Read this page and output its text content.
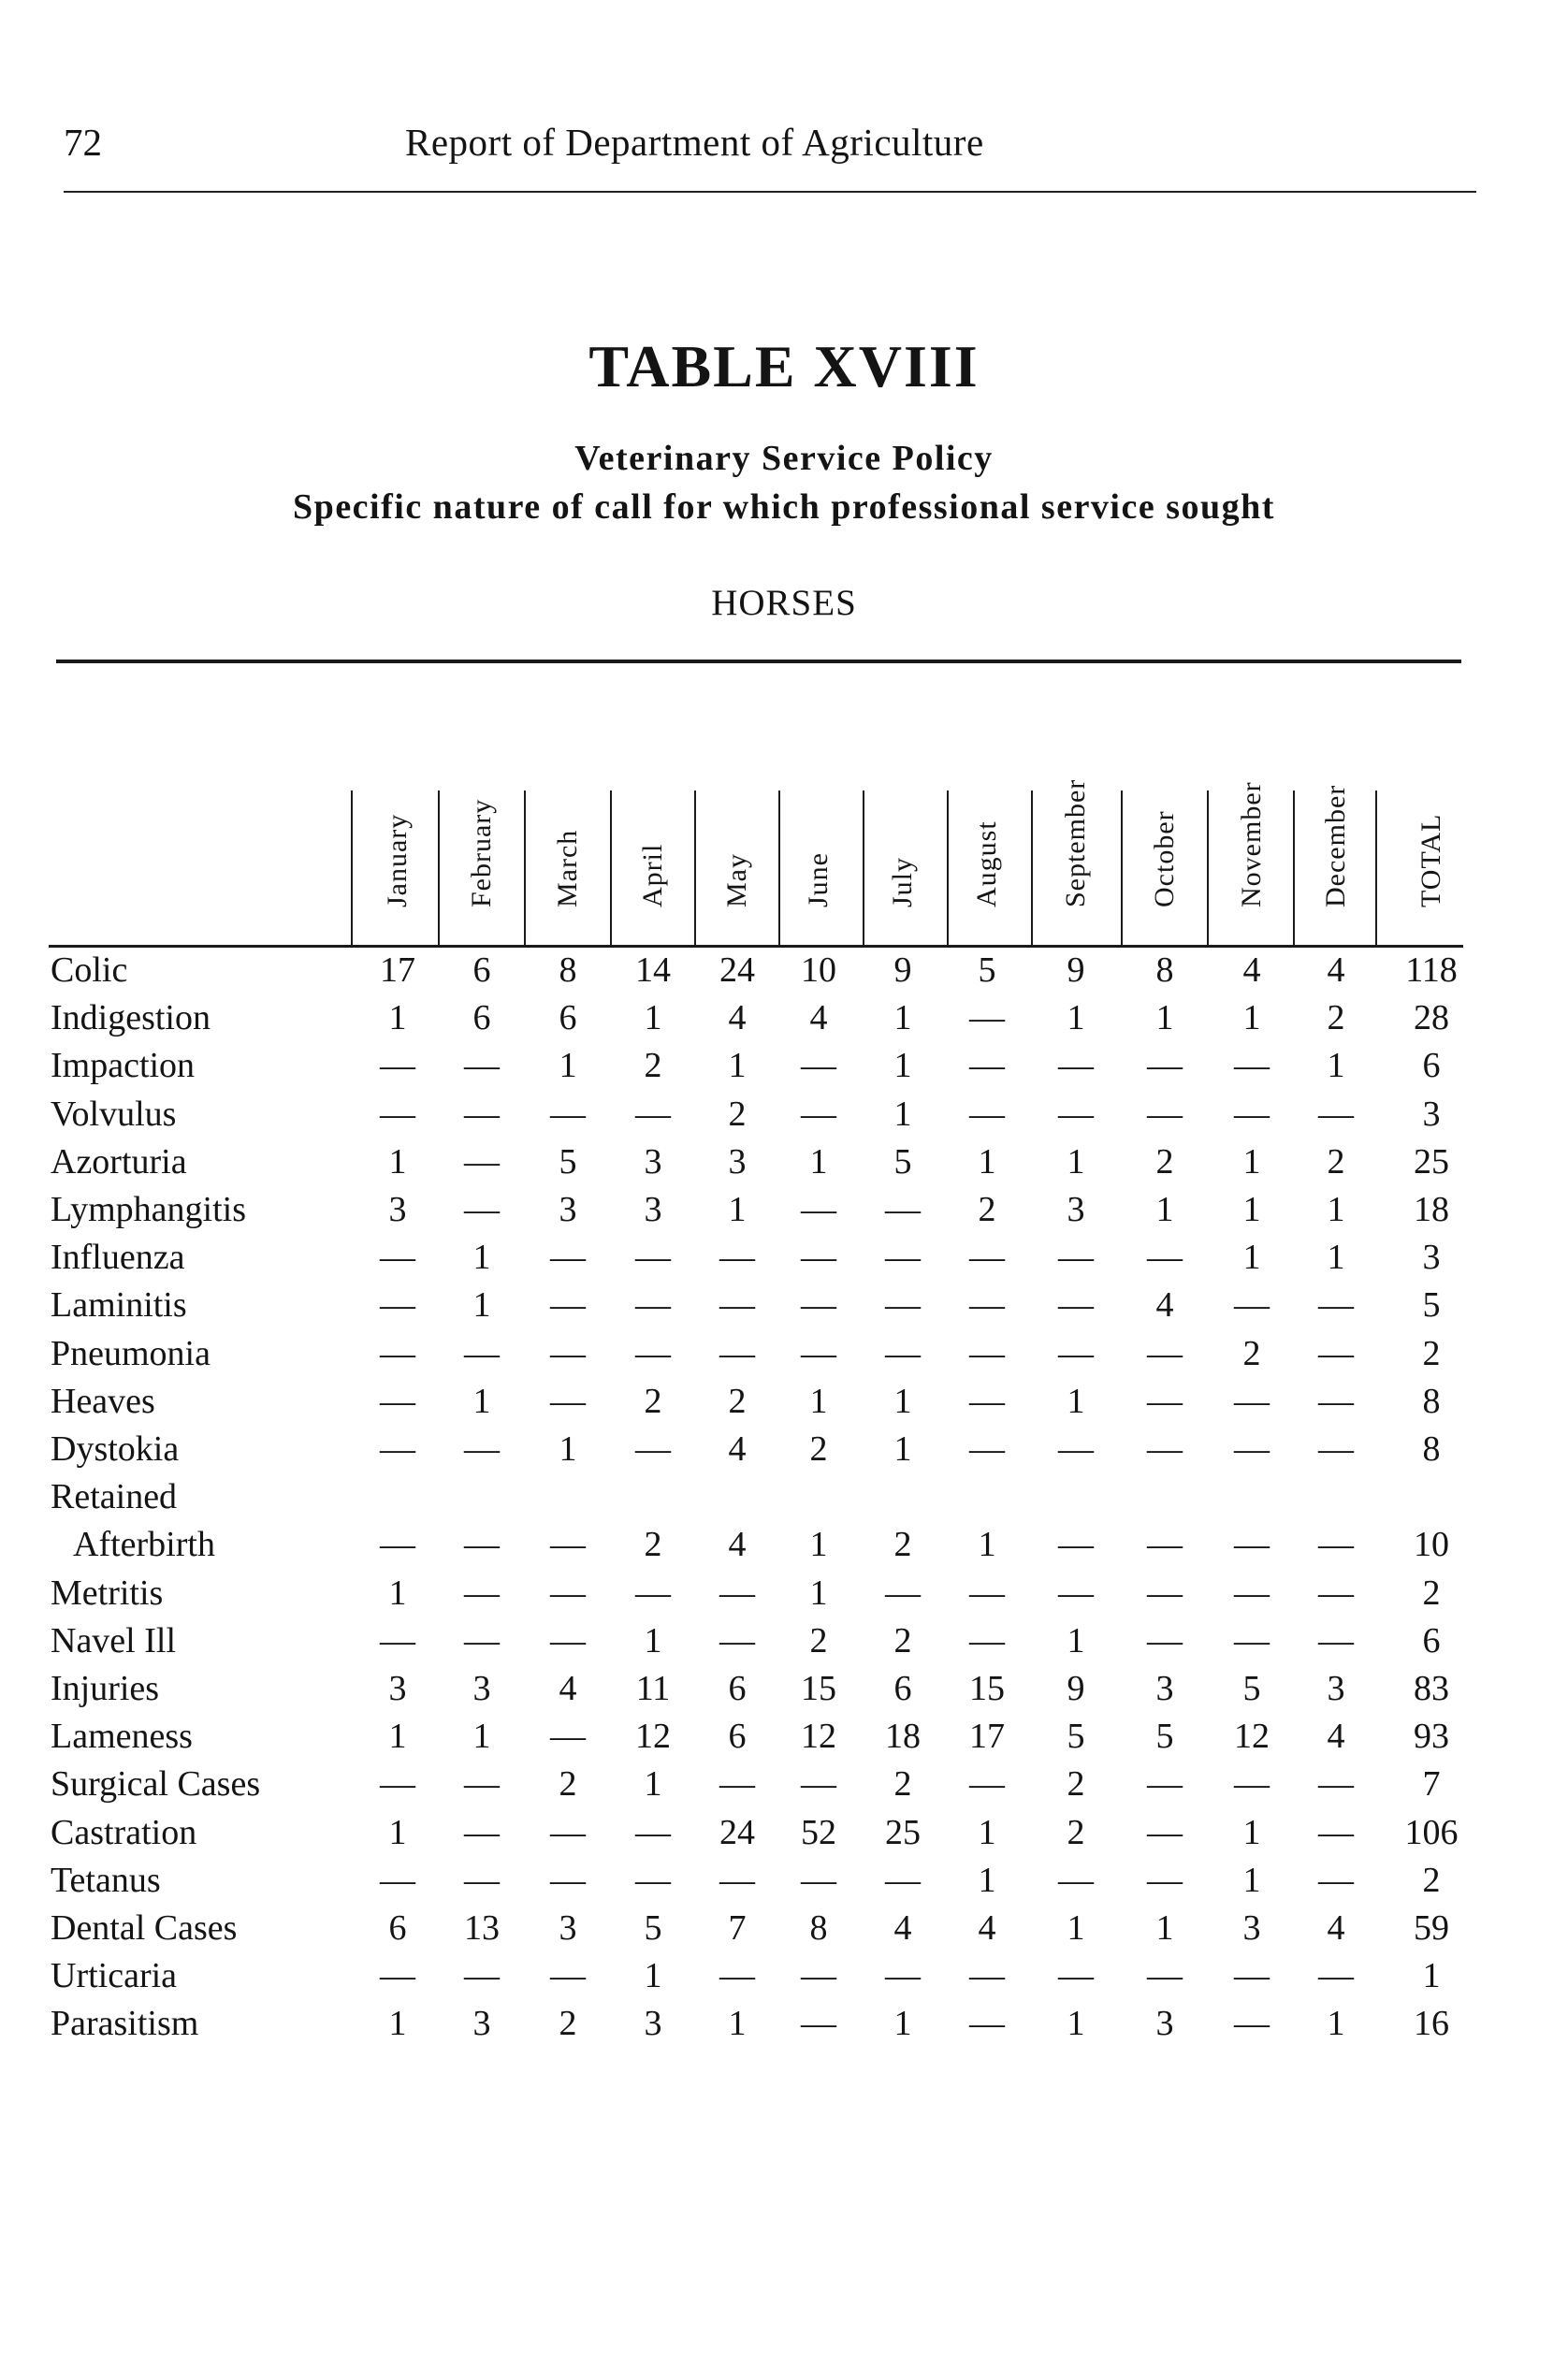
72	Report of Department of Agriculture
TABLE XVIII
Veterinary Service Policy
Specific nature of call for which professional service sought
HORSES
January February March April May June July August September October November December TOTAL
Colic	17	6	8	14	24	10	9	5	9	8	4	4	118
Indigestion	1	6	6	1	4	4	1	—	1	1	1	2	28
Impaction	—	—	1	2	1	—	1	—	—	—	—	1	6
Volvulus	—	—	—	—	2	—	1	—	—	—	—	—	3
Azorturia	1	—	5	3	3	1	5	1	1	2	1	2	25
Lymphangitis	3	—	3	3	1	—	—	2	3	1	1	1	18
Influenza	—	1	—	—	—	—	—	—	—	—	1	1	3
Laminitis	—	1	—	—	—	—	—	—	—	4	—	—	5
Pneumonia	—	—	—	—	—	—	—	—	—	—	2	—	2
Heaves	—	1	—	2	2	1	1	—	1	—	—	—	8
Dystokia	—	—	1	—	4	2	1	—	—	—	—	—	8
Retained
Afterbirth	—	—	—	2	4	1	2	1	—	—	—	—	10
Metritis	1	—	—	—	—	1	—	—	—	—	—	—	2
Navel Ill	—	—	—	1	—	2	2	—	1	—	—	—	6
Injuries	3	3	4	11	6	15	6	15	9	3	5	3	83
Lameness	1	1	—	12	6	12	18	17	5	5	12	4	93
Surgical Cases	—	—	2	1	—	—	2	—	2	—	—	—	7
Castration	1	—	—	—	24	52	25	1	2	—	1	—	106
Tetanus	—	—	—	—	—	—	—	1	—	—	1	—	2
Dental Cases	6	13	3	5	7	8	4	4	1	1	3	4	59
Urticaria	—	—	—	1	—	—	—	—	—	—	—	—	1
Parasitism	1	3	2	3	1	—	1	—	1	3	—	1	16
